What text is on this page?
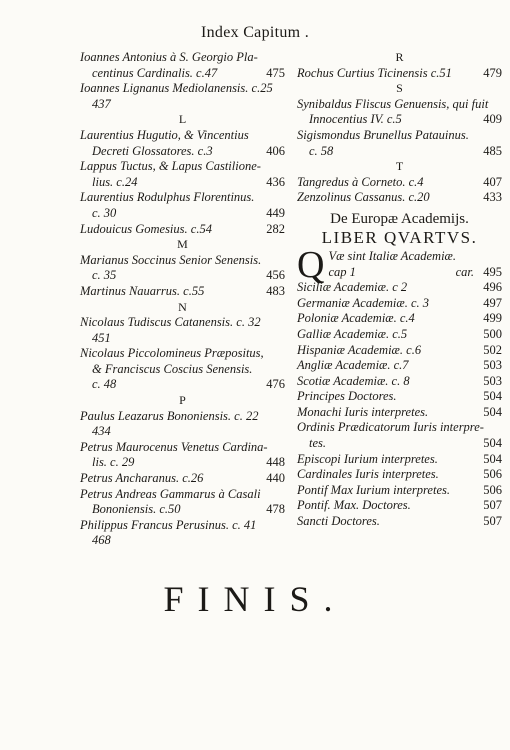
Index Capitum .
Ioannes Antonius à S. Georgio Pla-
centinus Cardinalis. c.47	475
Ioannes Lignanus Mediolanensis. c.25
437
L
Laurentius Hugutio, & Vincentius
Decreti Glossatores. c.3	406
Lappus Tuctus, & Lapus Castilione-
lius. c.24	436
Laurentius Rodulphus Florentinus.
c. 30	449
Ludouicus Gomesius. c.54	282
M
Marianus Soccinus Senior Senensis.
c. 35	456
Martinus Nauarrus. c.55	483
N
Nicolaus Tudiscus Catanensis. c. 32
451
Nicolaus Piccolomineus Præpositus,
& Franciscus Coscius Senensis.
c. 48	476
P
Paulus Leazarus Bononiensis. c. 22
434
Petrus Maurocenus Venetus Cardina-
lis. c. 29	448
Petrus Ancharanus. c.26	440
Petrus Andreas Gammarus à Casali
Bononiensis. c.50	478
Philippus Francus Perusinus. c. 41
468
R
Rochus Curtius Ticinensis c.51	479
S
Synibaldus Fliscus Genuensis, qui fuit
Innocentius IV. c.5	409
Sigismondus Brunellus Patauinus.
c. 58	485
T
Tangredus à Corneto. c.4	407
Zenzolinus Cassanus. c.20	433
De Europæ Academijs.
LIBER QVARTVS.
Q Væ sint Italiæ Academiæ.
cap 1	car. 495
Siciliæ Academiæ. c 2	496
Germaniæ Academiæ. c. 3	497
Poloniæ Academiæ. c.4	499
Galliæ Academiæ. c.5	500
Hispaniæ Academiæ. c.6	502
Angliæ Academiæ. c.7	503
Scotiæ Academiæ. c. 8	503
Principes Doctores.	504
Monachi Iuris interpretes.	504
Ordinis Prædicatorum Iuris interpre-
tes.	504
Episcopi Iurium interpretes.	504
Cardinales Iuris interpretes.	506
Pontif Max Iurium interpretes.	506
Pontif. Max. Doctores.	507
Sancti Doctores.	507
FINIS.
